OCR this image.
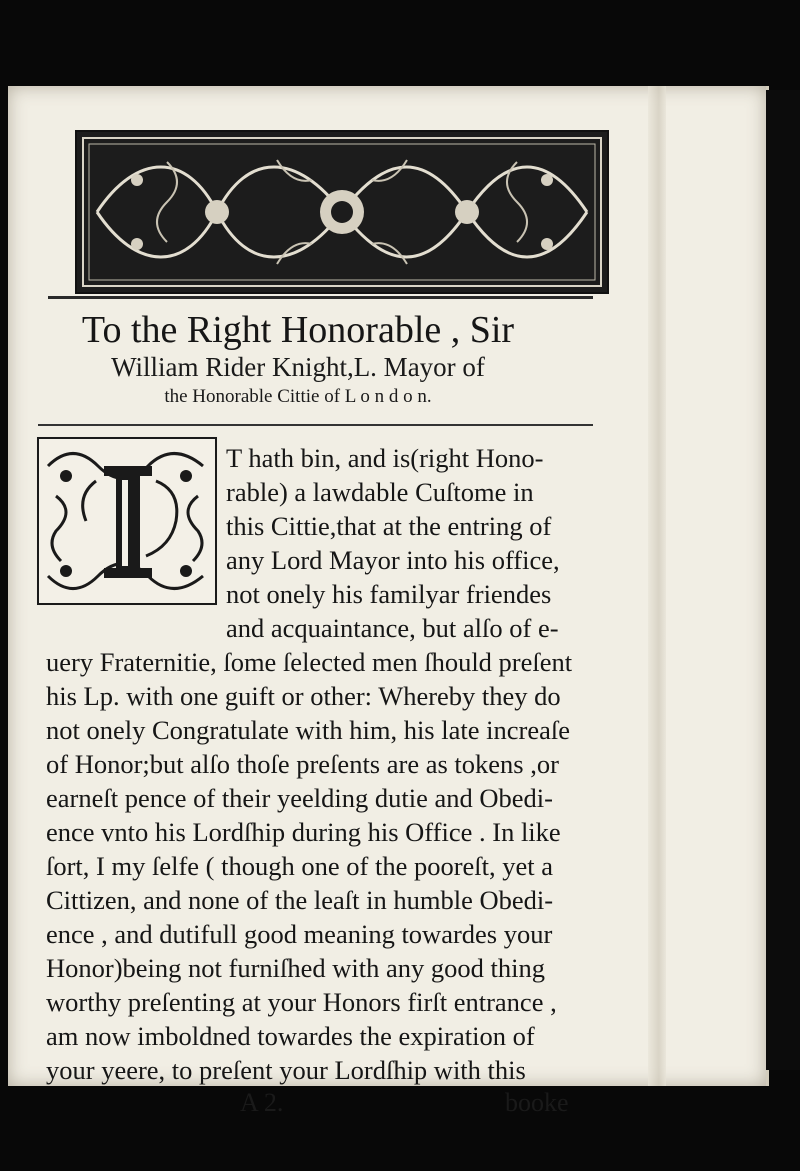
To the Right Honorable , Sir
William Rider Knight,L. Mayor of
the Honorable Cittie of L o n d o n.
I
T hath bin, and is(right Hono-
rable) a lawdable Cuſtome in
this Cittie,that at the entring of
any Lord Mayor into his office,
not onely his familyar friendes
and acquaintance, but alſo of e-
uery Fraternitie, ſome ſelected men ſhould preſent
his Lp. with one guift or other: Whereby they do
not onely Congratulate with him, his late increaſe
of Honor;but alſo thoſe preſents are as tokens ,or
earneſt pence of their yeelding dutie and Obedi-
ence vnto his Lordſhip during his Office . In like
ſort, I my ſelfe ( though one of the pooreſt, yet a
Cittizen, and none of the leaſt in humble Obedi-
ence , and dutifull good meaning towardes your
Honor)being not furniſhed with any good thing
worthy preſenting at your Honors firſt entrance ,
am now imboldned towardes the expiration of
your yeere, to preſent your Lordſhip with this
A 2.	booke
